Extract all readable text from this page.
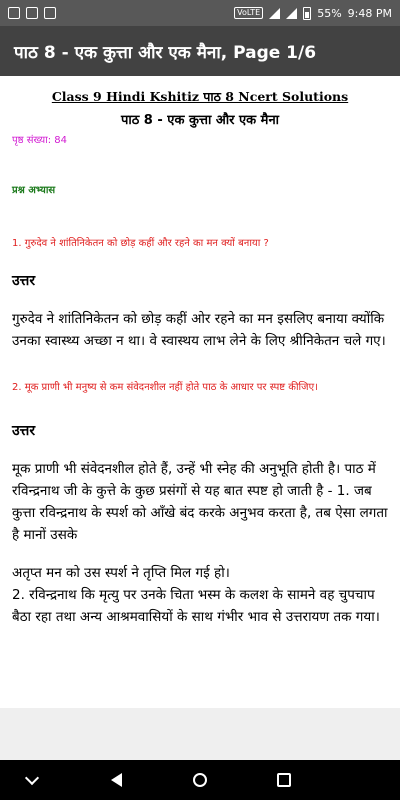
VoLTE	55% 9:48 PM
पाठ 8 - एक कुत्ता और एक मैना, Page 1/6
Class 9 Hindi Kshitiz पाठ 8 Ncert Solutions
पाठ 8 - एक कुत्ता और एक मैना
पृष्ठ संख्या: 84
प्रश्न अभ्यास
1. गुरुदेव ने शांतिनिकेतन को छोड़ कहीं और रहने का मन क्यों बनाया ?
उत्तर
गुरुदेव ने शांतिनिकेतन को छोड़ कहीं ओर रहने का मन इसलिए बनाया क्योंकि उनका स्वास्थ्य अच्छा न था। वे स्वास्थय लाभ लेने के लिए श्रीनिकेतन चले गए।
2. मूक प्राणी भी मनुष्य से कम संवेदनशील नहीं होते पाठ के आधार पर स्पष्ट कीजिए।
उत्तर
मूक प्राणी भी संवेदनशील होते हैं, उन्हें भी स्नेह की अनुभूति होती है। पाठ में रविन्द्रनाथ जी के कुत्ते के कुछ प्रसंगों से यह बात स्पष्ट हो जाती है - 1. जब कुत्ता रविन्द्रनाथ के स्पर्श को आँखे बंद करके अनुभव करता है, तब ऐसा लगता है मानों उसके
अतृप्त मन को उस स्पर्श ने तृप्ति मिल गई हो।
2. रविन्द्रनाथ कि मृत्यु पर उनके चिता भस्म के कलश के सामने वह चुपचाप बैठा रहा तथा अन्य आश्रमवासियों के साथ गंभीर भाव से उत्तरायण तक गया।
